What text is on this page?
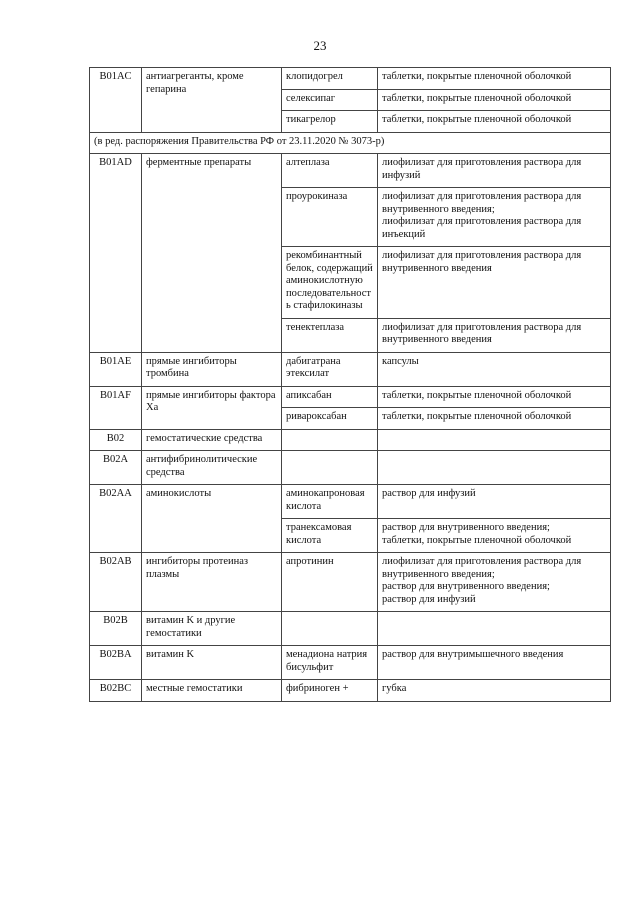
23
B01AC	антиагреганты, кроме гепарина	клопидогрел	таблетки, покрытые пленочной оболочкой
		селексипаг	таблетки, покрытые пленочной оболочкой
		тикагрелор	таблетки, покрытые пленочной оболочкой
(в ред. распоряжения Правительства РФ от 23.11.2020 № 3073-р)			
B01AD	ферментные препараты	алтеплаза	лиофилизат для приготовления раствора для инфузий
		проурокиназа	лиофилизат для приготовления раствора для внутривенного введения;
лиофилизат для приготовления раствора для инъекций
		рекомбинантный белок, содержащий аминокислотную последовательность стафилокиназы	лиофилизат для приготовления раствора для внутривенного введения
		тенектеплаза	лиофилизат для приготовления раствора для внутривенного введения
B01AE	прямые ингибиторы тромбина	дабигатрана этексилат	капсулы
B01AF	прямые ингибиторы фактора Xa	апиксабан	таблетки, покрытые пленочной оболочкой
		ривароксабан	таблетки, покрытые пленочной оболочкой
B02	гемостатические средства		
B02A	антифибринолитические средства		
B02AA	аминокислоты	аминокапроновая кислота	раствор для инфузий
		транексамовая кислота	раствор для внутривенного введения;
таблетки, покрытые пленочной оболочкой
B02AB	ингибиторы протеиназ плазмы	апротинин	лиофилизат для приготовления раствора для внутривенного введения;
раствор для внутривенного введения;
раствор для инфузий
B02B	витамин K и другие гемостатики		
B02BA	витамин K	менадиона натрия бисульфит	раствор для внутримышечного введения
B02BC	местные гемостатики	фибриноген +	губка
